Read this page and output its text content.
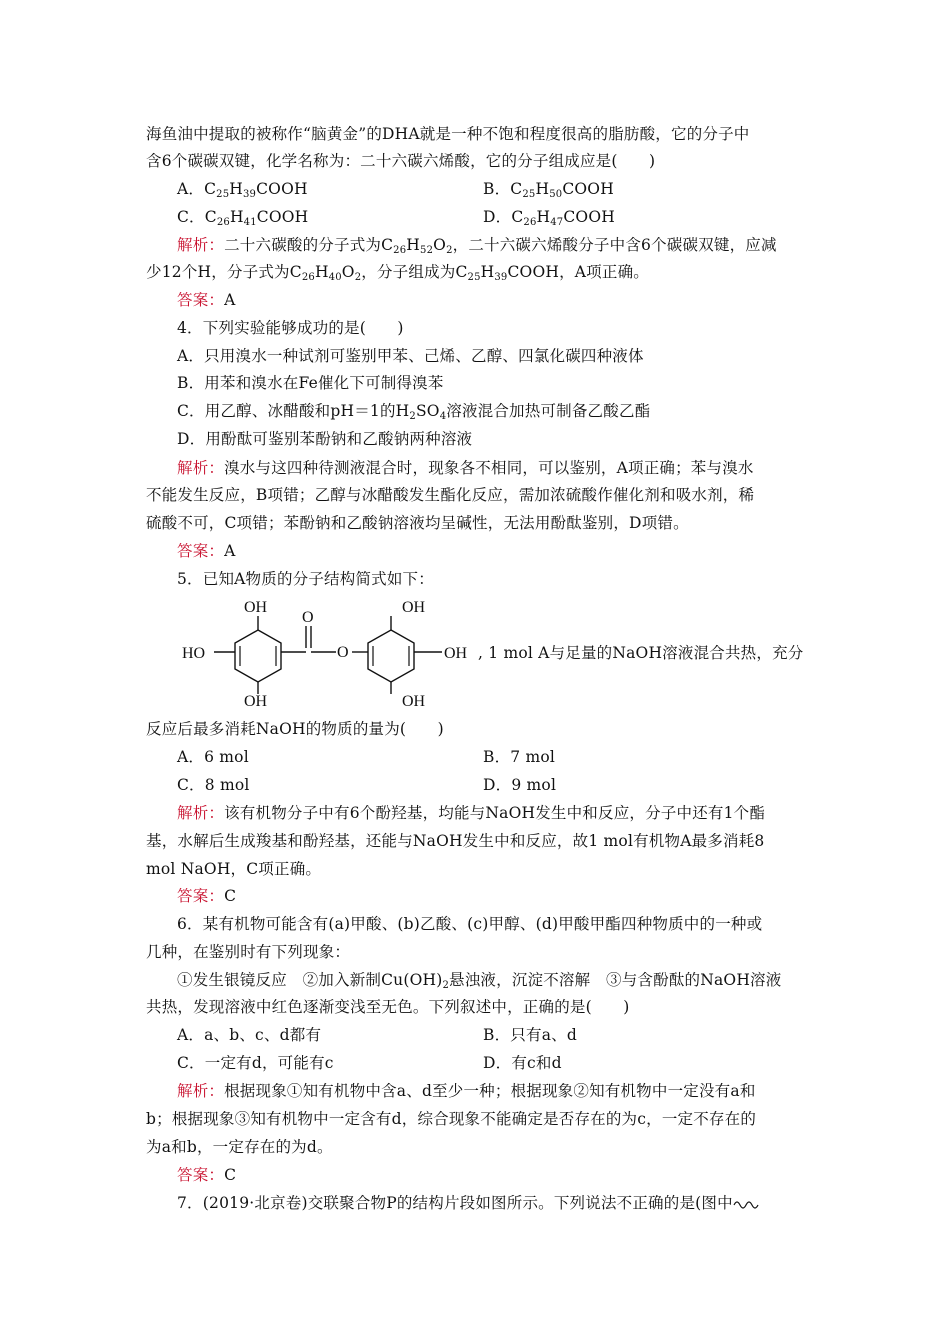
海鱼油中提取的被称作“脑黄金”的DHA就是一种不饱和程度很高的脂肪酸，它的分子中
含6个碳碳双键，化学名称为：二十六碳六烯酸，它的分子组成应是(　　)
A．$C_{25}H_{39}COOH$	B．$C_{25}H_{50}COOH$
C．$C_{26}H_{41}COOH$	D．$C_{26}H_{47}COOH$
解析：二十六碳酸的分子式为$C_{26}H_{52}O_2$，二十六碳六烯酸分子中含6个碳碳双键，应减
少12个H，分子式为$C_{26}H_{40}O_2$，分子组成为$C_{25}H_{39}COOH$，A项正确。
答案：A
4．下列实验能够成功的是(　　)
A．只用溴水一种试剂可鉴别甲苯、己烯、乙醇、四氯化碳四种液体
B．用苯和溴水在Fe催化下可制得溴苯
C．用乙醇、冰醋酸和pH＝1的$H_2SO_4$溶液混合加热可制备乙酸乙酯
D．用酚酞可鉴别苯酚钠和乙酸钠两种溶液
解析：溴水与这四种待测液混合时，现象各不相同，可以鉴别，A项正确；苯与溴水
不能发生反应，B项错；乙醇与冰醋酸发生酯化反应，需加浓硫酸作催化剂和吸水剂，稀
硫酸不可，C项错；苯酚钠和乙酸钠溶液均呈碱性，无法用酚酞鉴别，D项错。
答案：A
5．已知A物质的分子结构简式如下：
OH
OH
HO
O
O
OH
OH
OH , 1 mol A与足量的NaOH溶液混合共热，充分
反应后最多消耗NaOH的物质的量为(　　)
A．6 mol	B．7 mol
C．8 mol	D．9 mol
解析：该有机物分子中有6个酚羟基，均能与NaOH发生中和反应，分子中还有1个酯
基，水解后生成羧基和酚羟基，还能与NaOH发生中和反应，故1 mol有机物A最多消耗8
mol NaOH，C项正确。
答案：C
6．某有机物可能含有(a)甲酸、(b)乙酸、(c)甲醇、(d)甲酸甲酯四种物质中的一种或
几种，在鉴别时有下列现象：
①发生银镜反应　②加入新制$Cu(OH)_2$悬浊液，沉淀不溶解　③与含酚酞的NaOH溶液
共热，发现溶液中红色逐渐变浅至无色。下列叙述中，正确的是(　　)
A．a、b、c、d都有	B．只有a、d
C．一定有d，可能有c	D．有c和d
解析：根据现象①知有机物中含a、d至少一种；根据现象②知有机物中一定没有a和
b；根据现象③知有机物中一定含有d，综合现象不能确定是否存在的为c，一定不存在的
为a和b，一定存在的为d。
答案：C
7．(2019·北京卷)交联聚合物P的结构片段如图所示。下列说法不正确的是(图中
